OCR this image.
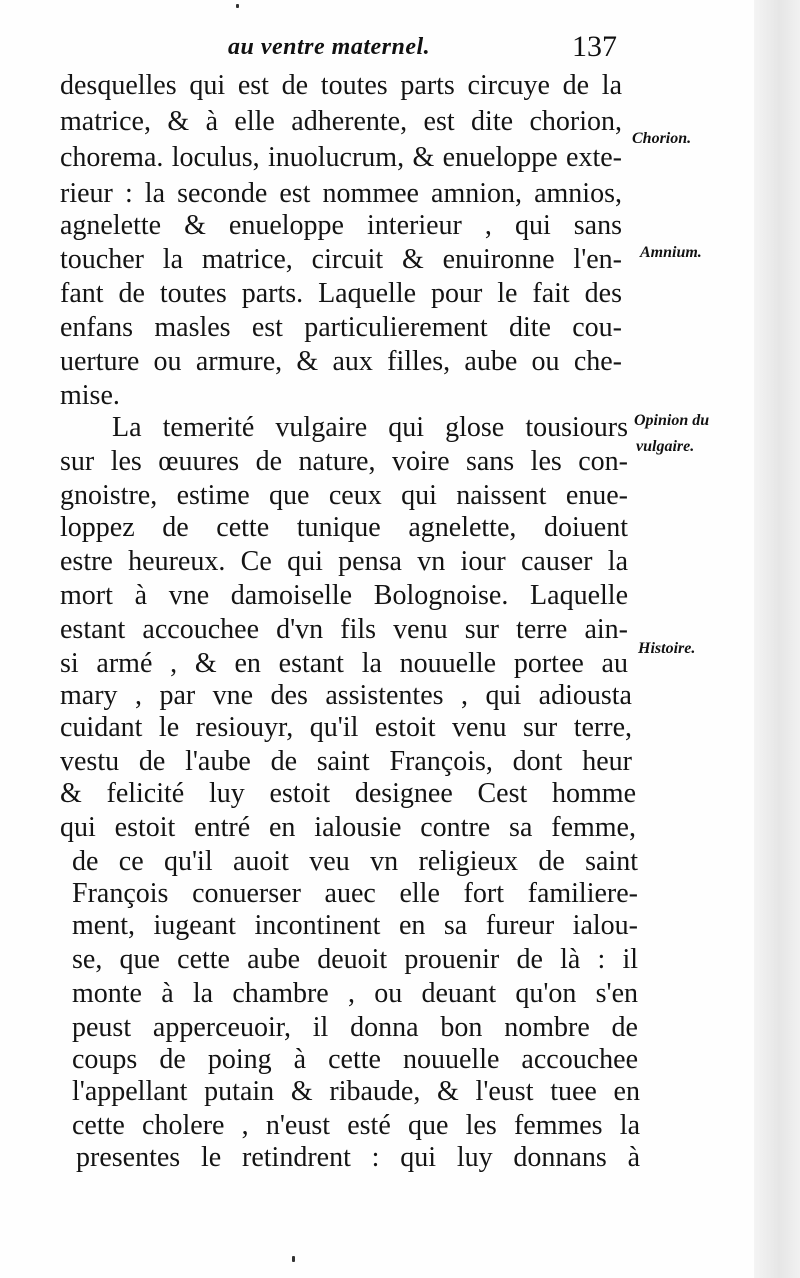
au ventre maternel.	137
desquelles qui est de toutes parts circuye de la
matrice, & à elle adherente, est dite chorion,
chorema. loculus, inuolucrum, & enueloppe exte-
rieur : la seconde est nommee amnion, amnios,
agnelette & enueloppe interieur , qui sans
toucher la matrice, circuit & enuironne l'en-
fant de toutes parts. Laquelle pour le fait des
enfans masles est particulierement dite cou-
uerture ou armure, & aux filles, aube ou che-
mise.
La temerité vulgaire qui glose tousiours
sur les œuures de nature, voire sans les con-
gnoistre, estime que ceux qui naissent enue-
loppez de cette tunique agnelette, doiuent
estre heureux. Ce qui pensa vn iour causer la
mort à vne damoiselle Bolognoise. Laquelle
estant accouchee d'vn fils venu sur terre ain-
si armé , & en estant la nouuelle portee au
mary , par vne des assistentes , qui adiousta
cuidant le resiouyr, qu'il estoit venu sur terre,
vestu de l'aube de saint François, dont heur
& felicité luy estoit designee Cest homme
qui estoit entré en ialousie contre sa femme,
de ce qu'il auoit veu vn religieux de saint
François conuerser auec elle fort familiere-
ment, iugeant incontinent en sa fureur ialou-
se, que cette aube deuoit prouenir de là : il
monte à la chambre , ou deuant qu'on s'en
peust apperceuoir, il donna bon nombre de
coups de poing à cette nouuelle accouchee
l'appellant putain & ribaude, & l'eust tuee en
cette cholere , n'eust esté que les femmes la
presentes le retindrent : qui luy donnans à
Chorion.
Amnium.
Opinion du
vulgaire.
Histoire.
